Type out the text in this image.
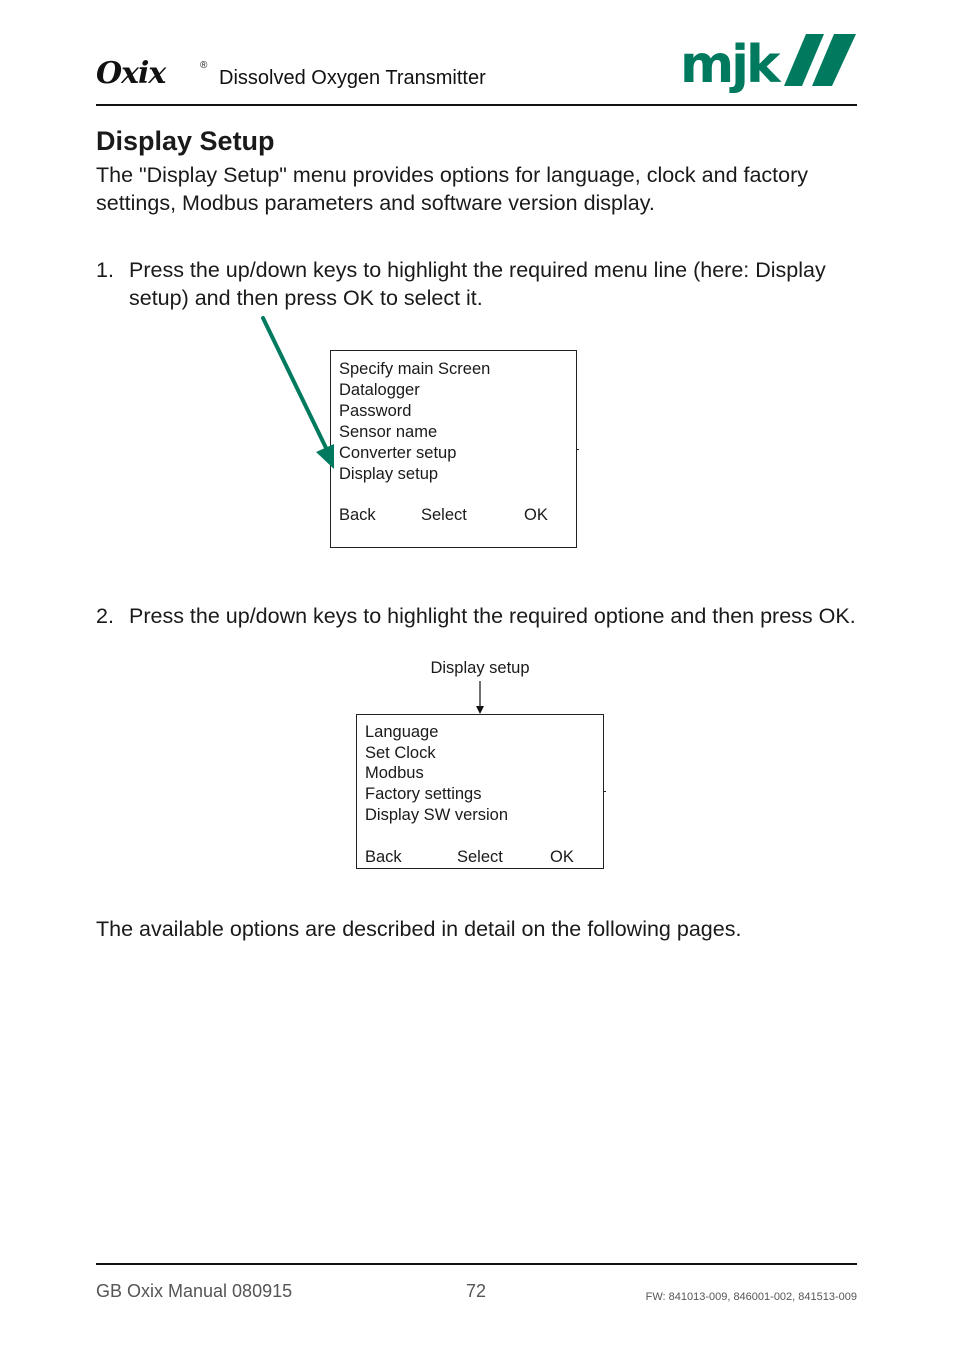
Oxix	®
Dissolved Oxygen Transmitter	mjk
Display Setup

The "Display Setup" menu provides options for language, clock and factory settings, Modbus parameters and software version display.

1. Press the up/down keys to highlight the required menu line (here: Display setup) and then press OK to select it.
Specify main Screen
Datalogger
Password
Sensor name
Converter setup
Display setup
Back	Select	OK
2. Press the up/down keys to highlight the required optione and then press OK.
Display setup
Language
Set Clock
Modbus
Factory settings
Display SW version
Back	Select	OK

The available options are described in detail on the following pages.

GB Oxix Manual 080915	72	FW: 841013-009, 846001-002, 841513-009
